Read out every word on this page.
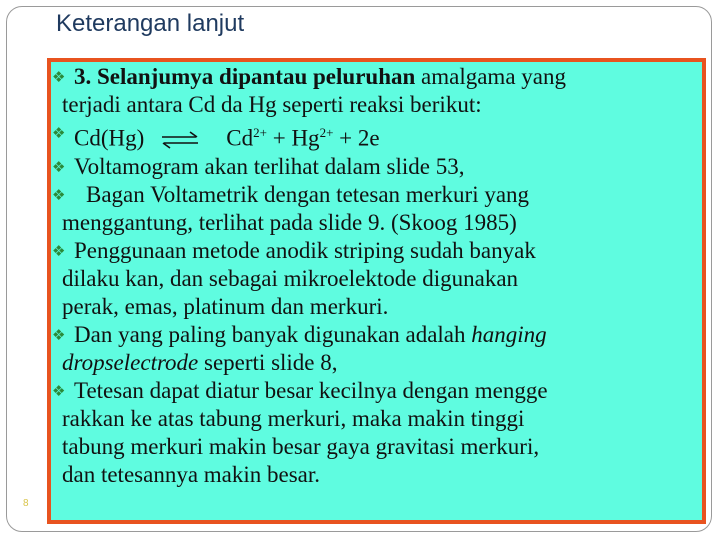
Keterangan lanjut
❖ 3. Selanjumya dipantau peluruhan amalgama yang
terjadi antara Cd da Hg seperti reaksi berikut:
❖ Cd(Hg) ⇌ $Cd^{2+} + Hg^{2+} + 2e$
❖ Voltamogram akan terlihat dalam slide 53,
❖ Bagan Voltametrik dengan tetesan merkuri yang
menggantung, terlihat pada slide 9. (Skoog 1985)
❖ Penggunaan metode anodik striping sudah banyak
dilaku kan, dan sebagai mikroelektode digunakan
perak, emas, platinum dan merkuri.
❖ Dan yang paling banyak digunakan adalah hanging
dropselectrode seperti slide 8,
❖ Tetesan dapat diatur besar kecilnya dengan mengge
rakkan ke atas tabung merkuri, maka makin tinggi
tabung merkuri makin besar gaya gravitasi merkuri,
dan tetesannya makin besar.
8
